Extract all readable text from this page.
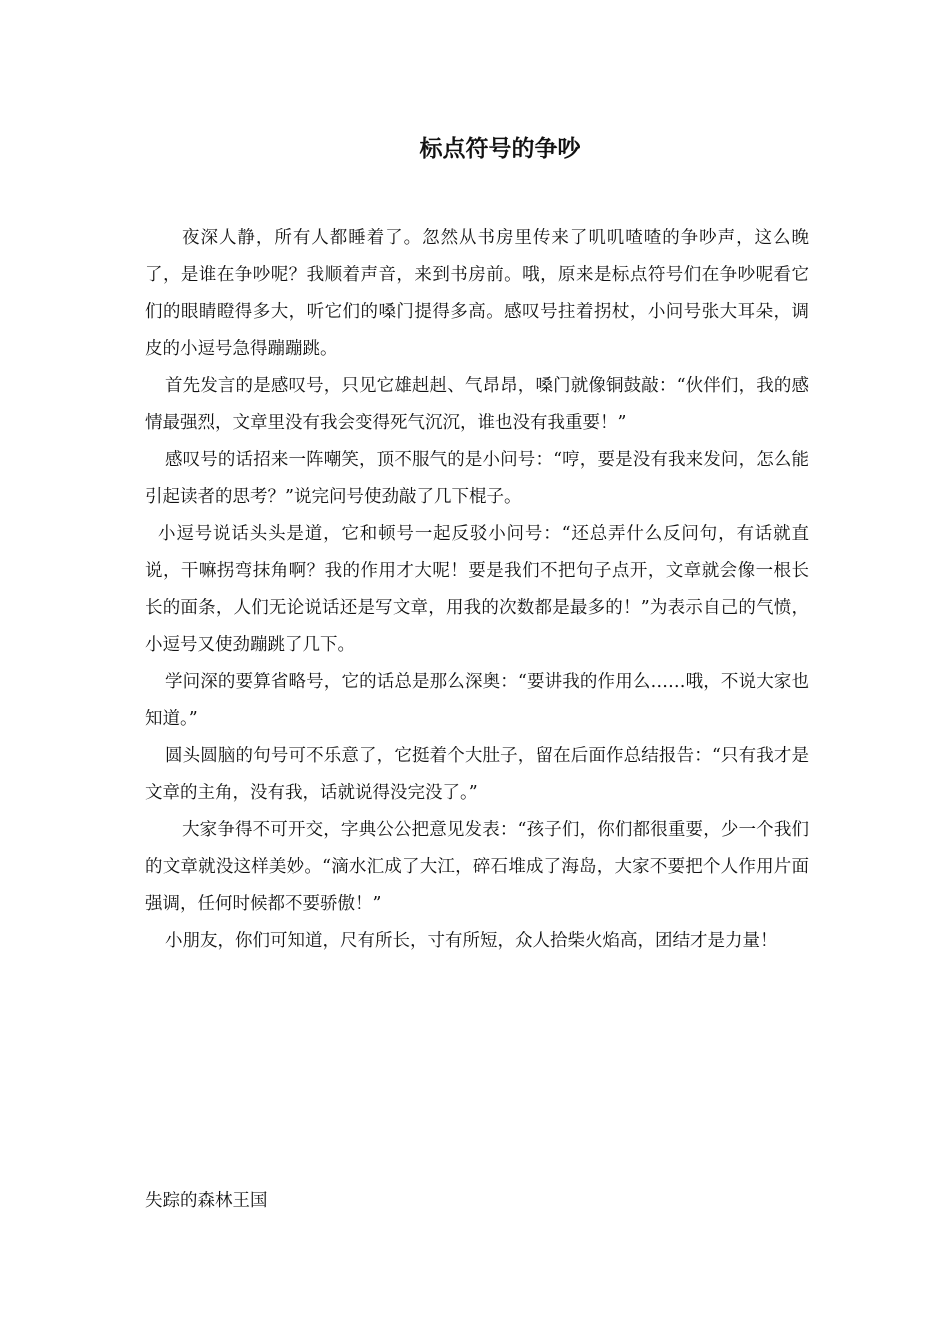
标点符号的争吵

夜深人静，所有人都睡着了。忽然从书房里传来了叽叽喳喳的争吵声，这么晚了，是谁在争吵呢？我顺着声音，来到书房前。哦，原来是标点符号们在争吵呢看它们的眼睛瞪得多大，听它们的嗓门提得多高。感叹号拄着拐杖，小问号张大耳朵，调皮的小逗号急得蹦蹦跳。

首先发言的是感叹号，只见它雄赳赳、气昂昂，嗓门就像铜鼓敲：“伙伴们，我的感情最强烈，文章里没有我会变得死气沉沉，谁也没有我重要！”

感叹号的话招来一阵嘲笑，顶不服气的是小问号：“哼，要是没有我来发问，怎么能引起读者的思考？”说完问号使劲敲了几下棍子。

小逗号说话头头是道，它和顿号一起反驳小问号：“还总弄什么反问句，有话就直说，干嘛拐弯抹角啊？我的作用才大呢！要是我们不把句子点开，文章就会像一根长长的面条，人们无论说话还是写文章，用我的次数都是最多的！”为表示自己的气愤，小逗号又使劲蹦跳了几下。

学问深的要算省略号，它的话总是那么深奥：“要讲我的作用么……哦，不说大家也知道。”

圆头圆脑的句号可不乐意了，它挺着个大肚子，留在后面作总结报告：“只有我才是文章的主角，没有我，话就说得没完没了。”

大家争得不可开交，字典公公把意见发表：“孩子们，你们都很重要，少一个我们的文章就没这样美妙。“滴水汇成了大江，碎石堆成了海岛，大家不要把个人作用片面强调，任何时候都不要骄傲！”

小朋友，你们可知道，尺有所长，寸有所短，众人拾柴火焰高，团结才是力量！

失踪的森林王国
